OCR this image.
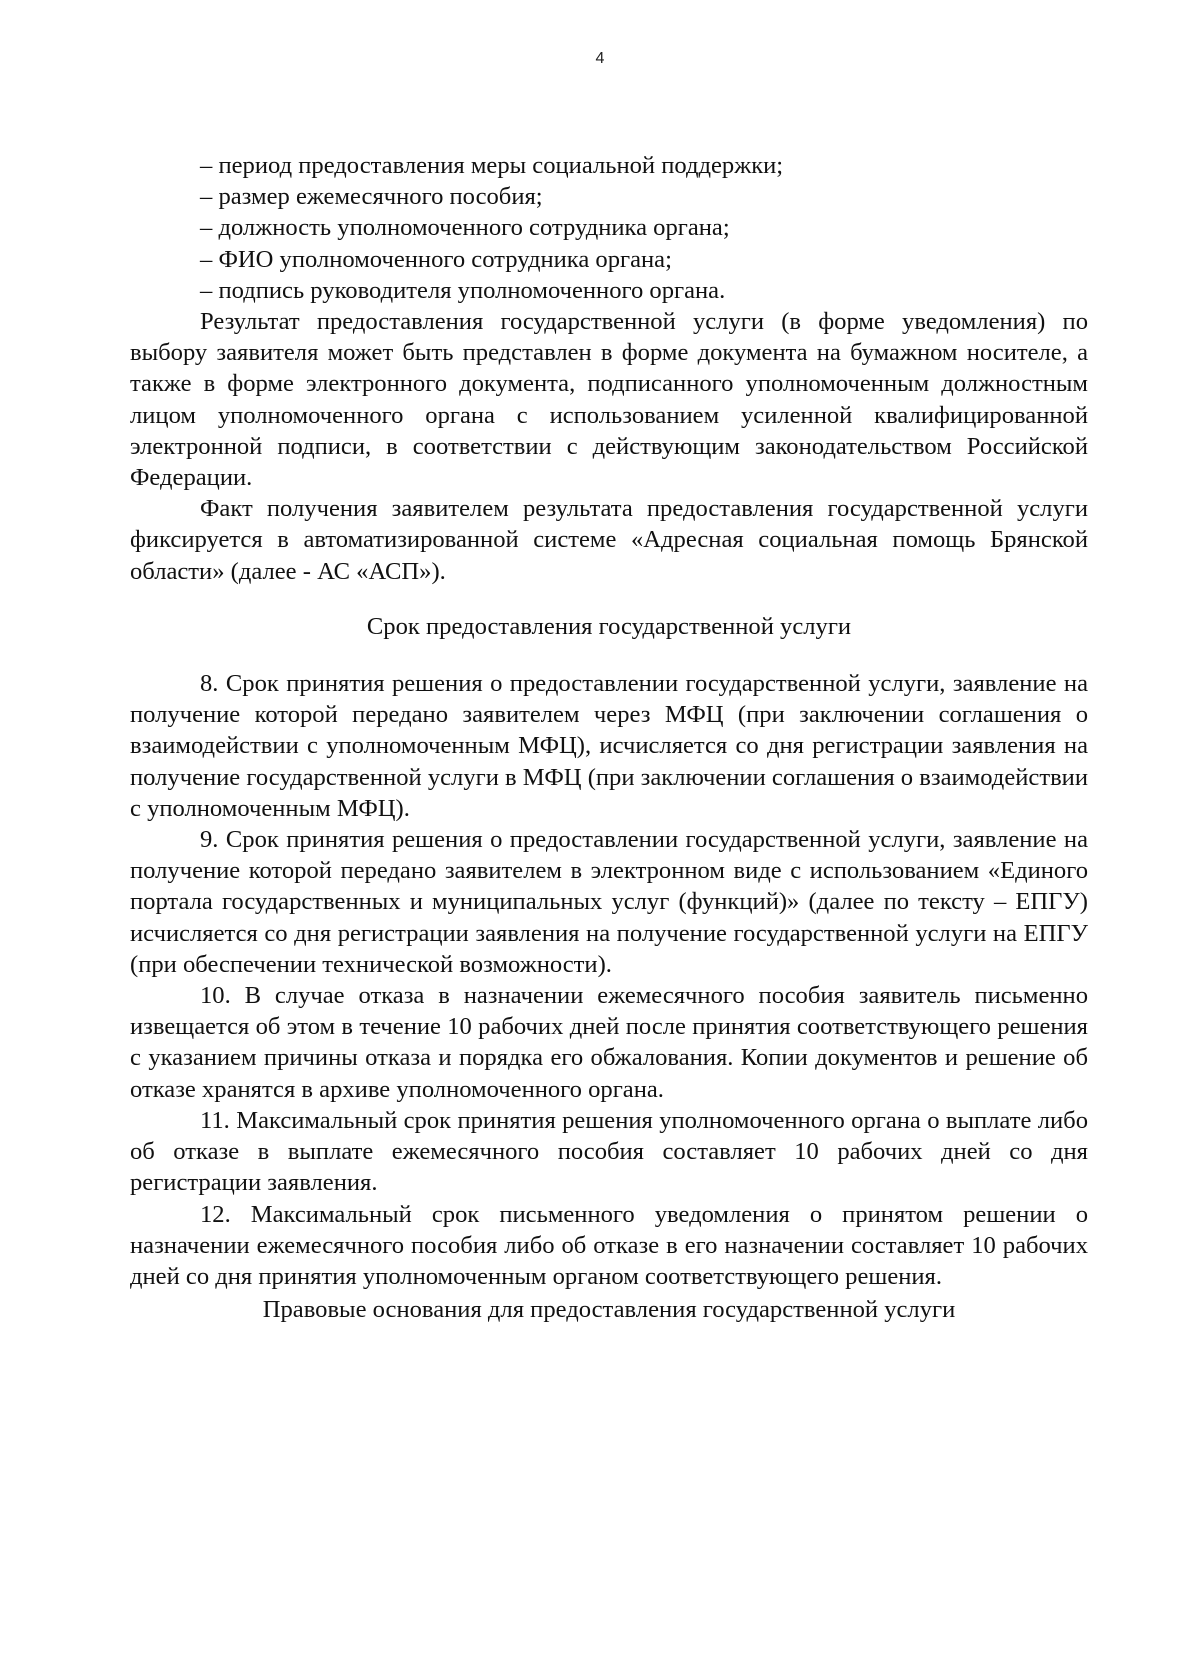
4

– период предоставления меры социальной поддержки;

– размер ежемесячного пособия;

– должность уполномоченного сотрудника органа;

– ФИО уполномоченного сотрудника органа;

– подпись руководителя уполномоченного органа.

Результат предоставления государственной услуги (в форме уведомления) по выбору заявителя может быть представлен в форме документа на бумажном носителе, а также в форме электронного документа, подписанного уполномоченным должностным лицом уполномоченного органа с использованием усиленной квалифицированной электронной подписи, в соответствии с действующим законодательством Российской Федерации.

Факт получения заявителем результата предоставления государственной услуги фиксируется в автоматизированной системе «Адресная социальная помощь Брянской области» (далее - АС «АСП»).

Срок предоставления государственной услуги

8. Срок принятия решения о предоставлении государственной услуги, заявление на получение которой передано заявителем через МФЦ (при заключении соглашения о взаимодействии с уполномоченным МФЦ), исчисляется со дня регистрации заявления на получение государственной услуги в МФЦ (при заключении соглашения о взаимодействии с уполномоченным МФЦ).

9. Срок принятия решения о предоставлении государственной услуги, заявление на получение которой передано заявителем в электронном виде с использованием «Единого портала государственных и муниципальных услуг (функций)» (далее по тексту – ЕПГУ) исчисляется со дня регистрации заявления на получение государственной услуги на ЕПГУ (при обеспечении технической возможности).

10. В случае отказа в назначении ежемесячного пособия заявитель письменно извещается об этом в течение 10 рабочих дней после принятия соответствующего решения с указанием причины отказа и порядка его обжалования. Копии документов и решение об отказе хранятся в архиве уполномоченного органа.

11. Максимальный срок принятия решения уполномоченного органа о выплате либо об отказе в выплате ежемесячного пособия составляет 10 рабочих дней со дня регистрации заявления.

12. Максимальный срок письменного уведомления о принятом решении о назначении ежемесячного пособия либо об отказе в его назначении составляет 10 рабочих дней со дня принятия уполномоченным органом соответствующего решения.

Правовые основания для предоставления государственной услуги
